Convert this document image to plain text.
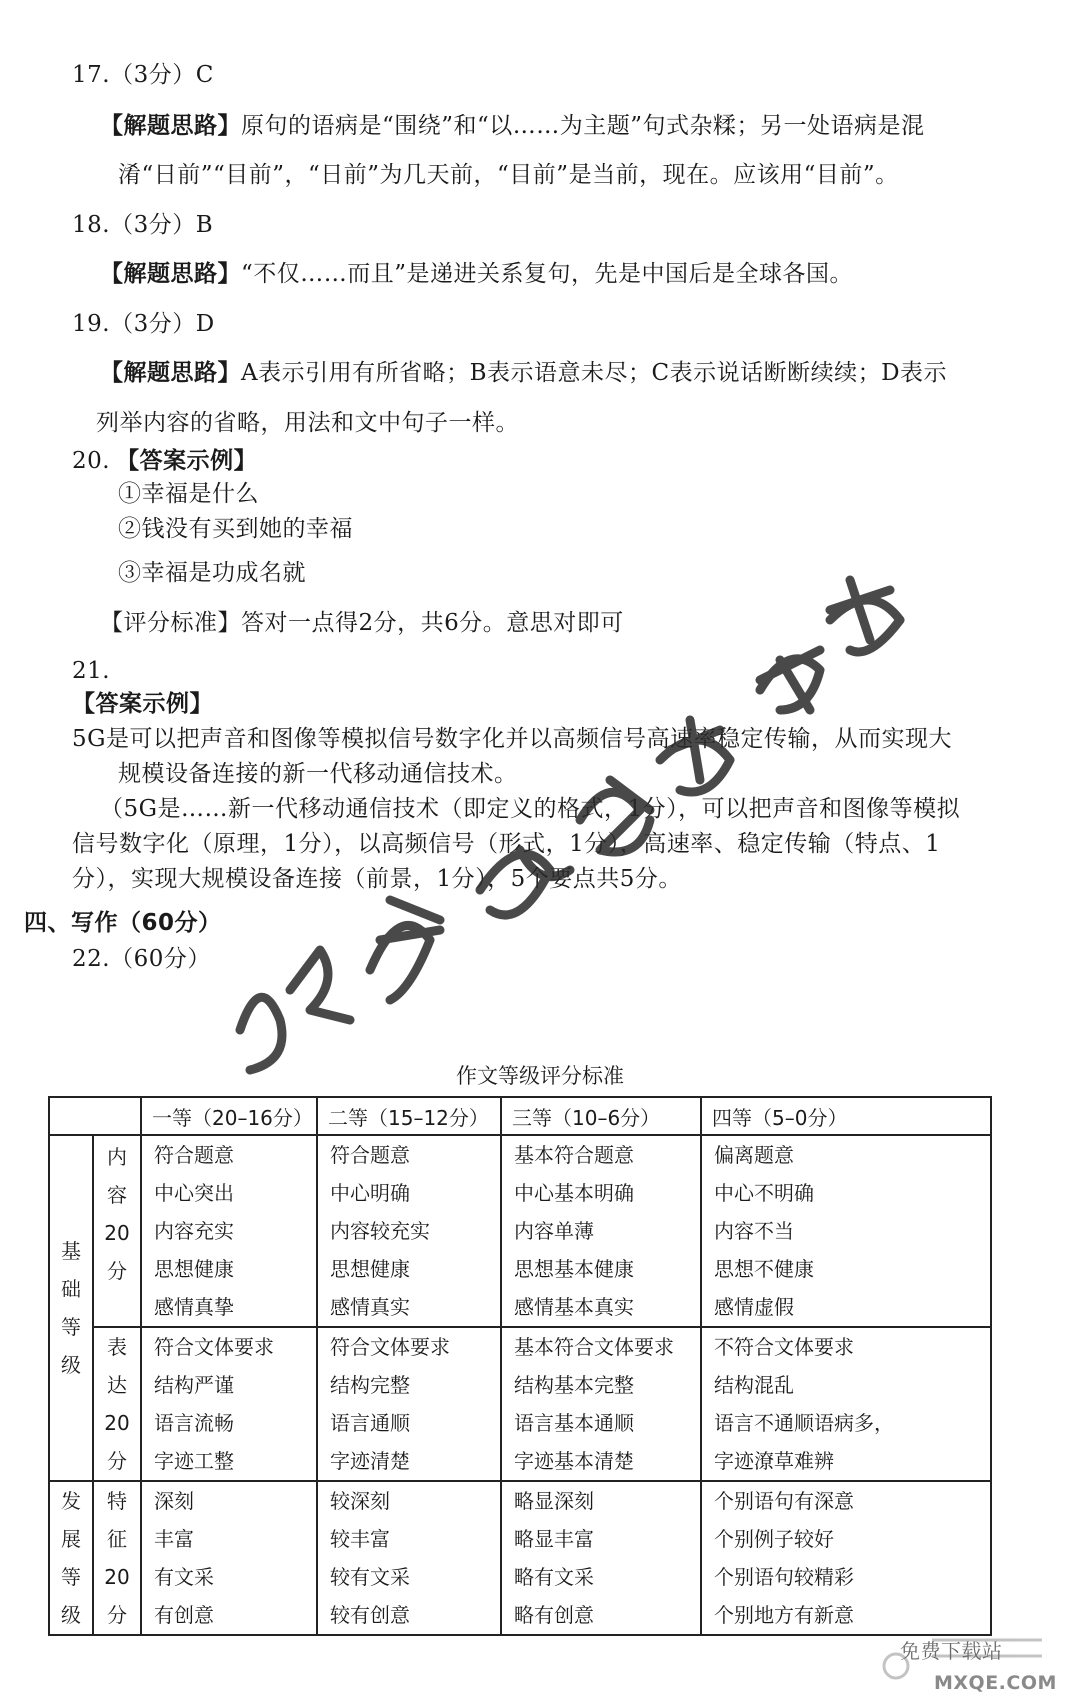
17.（3分）C
【解题思路】原句的语病是“围绕”和“以……为主题”句式杂糅；另一处语病是混
淆“日前”“目前”，“日前”为几天前，“目前”是当前，现在。应该用“目前”。
18.（3分）B
【解题思路】“不仅……而且”是递进关系复句，先是中国后是全球各国。
19.（3分）D
【解题思路】A表示引用有所省略；B表示语意未尽；C表示说话断断续续；D表示
列举内容的省略，用法和文中句子一样。
20. 【答案示例】
①幸福是什么
②钱没有买到她的幸福
③幸福是功成名就
【评分标准】答对一点得2分，共6分。意思对即可
21.
【答案示例】
5G是可以把声音和图像等模拟信号数字化并以高频信号高速率稳定传输，从而实现大
规模设备连接的新一代移动通信技术。
（5G是……新一代移动通信技术（即定义的格式，1分），可以把声音和图像等模拟
信号数字化（原理，1分），以高频信号（形式，1分），高速率、稳定传输（特点、1
分），实现大规模设备连接（前景，1分），5个要点共5分。
四、写作（60分）
22.（60分）
作文等级评分标准
		一等（20–16分）	二等（15–12分）	三等（10–6分）	四等（5–0分）

基
础
等
级	内
容
20
分	符合题意
中心突出
内容充实
思想健康
感情真挚	符合题意
中心明确
内容较充实
思想健康
感情真实	基本符合题意
中心基本明确
内容单薄
思想基本健康
感情基本真实	偏离题意
中心不明确
内容不当
思想不健康
感情虚假

	表
达
20
分	符合文体要求
结构严谨
语言流畅
字迹工整	符合文体要求
结构完整
语言通顺
字迹清楚	基本符合文体要求
结构基本完整
语言基本通顺
字迹基本清楚	不符合文体要求
结构混乱
语言不通顺语病多，
字迹潦草难辨

发
展
等
级	特
征
20
分	深刻
丰富
有文采
有创意	较深刻
较丰富
较有文采
较有创意	略显深刻
略显丰富
略有文采
略有创意	个别语句有深意
个别例子较好
个别语句较精彩
个别地方有新意
免费下载站
MXQE.COM
